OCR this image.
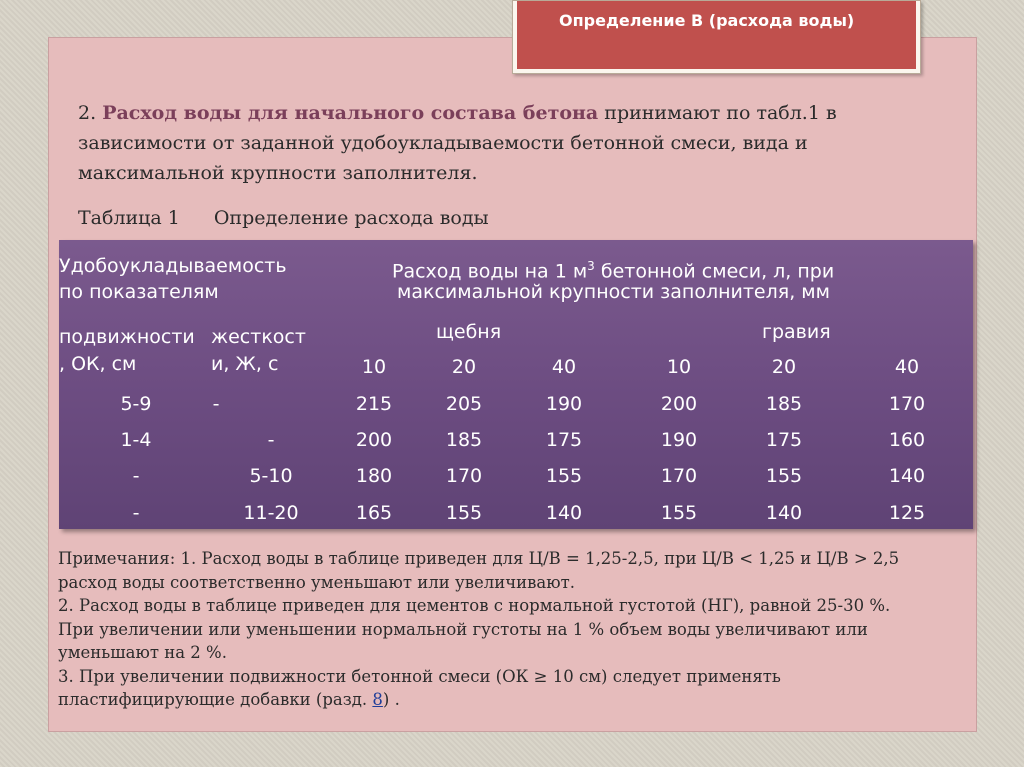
Определение В (расхода воды)
2. Расход воды для начального состава бетона принимают по табл.1 в зависимости от заданной удобоукладываемости бетонной смеси, вида и максимальной крупности заполнителя.
Таблица 1 Определение расхода воды
Удобоукладываемость
по показателям
Расход воды на 1 $м^3$ бетонной смеси, л, при
максимальной крупности заполнителя, мм
подвижности
, ОК, см
жесткост
и, Ж, с
щебня	гравия
10	20	40	10	20	40
5-9	-	215	205	190	200	185	170
1-4	-	200	185	175	190	175	160
-	5-10	180	170	155	170	155	140
-	11-20	165	155	140	155	140	125

Примечания: 1. Расход воды в таблице приведен для Ц/В = 1,25-2,5, при Ц/В < 1,25 и Ц/В > 2,5

расход воды соответственно уменьшают или увеличивают.

2. Расход воды в таблице приведен для цементов с нормальной густотой (НГ), равной 25-30 %.

При увеличении или уменьшении нормальной густоты на 1 % объем воды увеличивают или

уменьшают на 2 %.

3. При увеличении подвижности бетонной смеси (ОК ≥ 10 см) следует применять

пластифицирующие добавки (разд. 8) .
